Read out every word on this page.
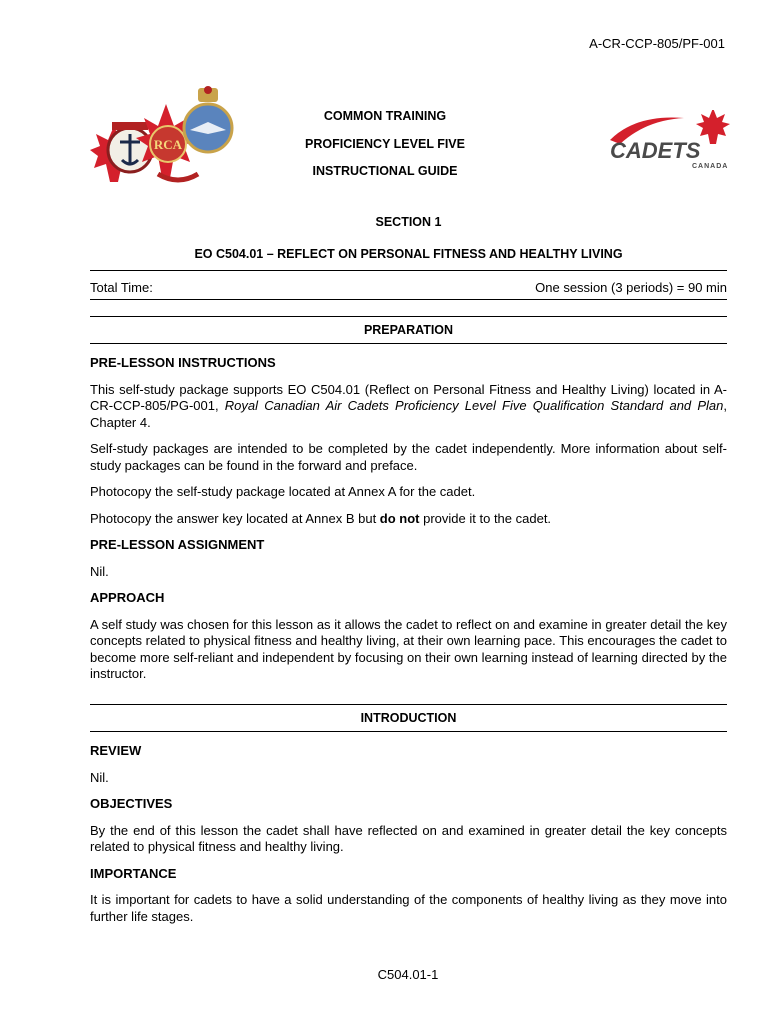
A-CR-CCP-805/PF-001
RCA
COMMON TRAINING
PROFICIENCY LEVEL FIVE
INSTRUCTIONAL GUIDE
CADETS
CANADA
SECTION 1
EO C504.01 – REFLECT ON PERSONAL FITNESS AND HEALTHY LIVING
Total Time:	One session (3 periods) = 90 min
PREPARATION
PRE-LESSON INSTRUCTIONS

This self-study package supports EO C504.01 (Reflect on Personal Fitness and Healthy Living) located in A-CR-CCP-805/PG-001, Royal Canadian Air Cadets Proficiency Level Five Qualification Standard and Plan, Chapter 4.

Self-study packages are intended to be completed by the cadet independently. More information about self-study packages can be found in the forward and preface.

Photocopy the self-study package located at Annex A for the cadet.

Photocopy the answer key located at Annex B but do not provide it to the cadet.

PRE-LESSON ASSIGNMENT

Nil.

APPROACH

A self study was chosen for this lesson as it allows the cadet to reflect on and examine in greater detail the key concepts related to physical fitness and healthy living, at their own learning pace. This encourages the cadet to become more self-reliant and independent by focusing on their own learning instead of learning directed by the instructor.

INTRODUCTION
REVIEW

Nil.

OBJECTIVES

By the end of this lesson the cadet shall have reflected on and examined in greater detail the key concepts related to physical fitness and healthy living.

IMPORTANCE

It is important for cadets to have a solid understanding of the components of healthy living as they move into further life stages.

C504.01-1
